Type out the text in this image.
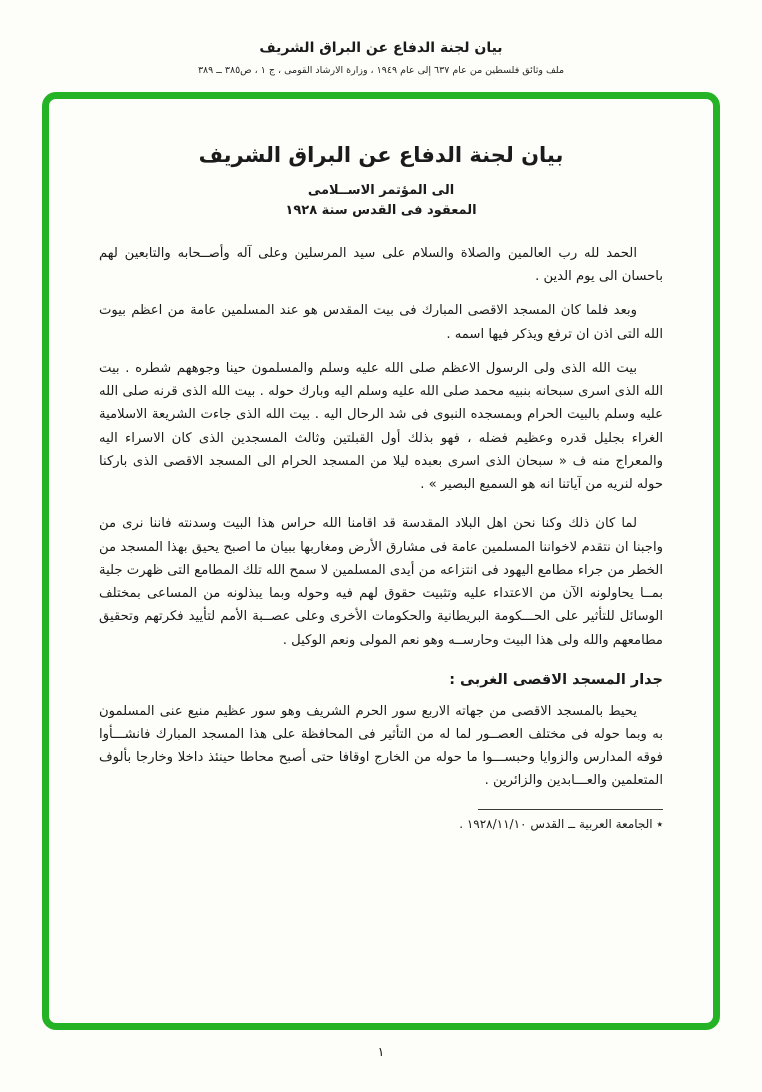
بيان لجنة الدفاع عن البراق الشريف
ملف وثائق فلسطين من عام ٦٣٧ إلى عام ١٩٤٩ ، وزارة الارشاد القومى ، ج ١ ، ص٣٨٥ ــ ٣٨٩
بيان لجنة الدفاع عن البراق الشريف
الى المؤتمر الاســلامى
المعقود فى القدس سنة ١٩٢٨

الحمد لله رب العالمين والصلاة والسلام على سيد المرسلين وعلى آله وأصــحابه والتابعين لهم باحسان الى يوم الدين .

وبعد فلما كان المسجد الاقصى المبارك فى بيت المقدس هو عند المسلمين عامة من اعظم بيوت الله التى اذن ان ترفع ويذكر فيها اسمه .

بيت الله الذى ولى الرسول الاعظم صلى الله عليه وسلم والمسلمون حينا وجوههم شطره . بيت الله الذى اسرى سبحانه بنبيه محمد صلى الله عليه وسلم اليه وبارك حوله . بيت الله الذى قرنه صلى الله عليه وسلم بالبيت الحرام وبمسجده النبوى فى شد الرحال اليه . بيت الله الذى جاءت الشريعة الاسلامية الغراء بجليل قدره وعظيم فضله ، فهو بذلك أول القبلتين وثالث المسجدين الذى كان الاسراء اليه والمعراج منه ف « سبحان الذى اسرى بعبده ليلا من المسجد الحرام الى المسجد الاقصى الذى باركنا حوله لنريه من آياتنا انه هو السميع البصير » .

لما كان ذلك وكنا نحن اهل البلاد المقدسة قد اقامنا الله حراس هذا البيت وسدنته فاننا نرى من واجبنا ان نتقدم لاخواننا المسلمين عامة فى مشارق الأرض ومغاربها ببيان ما اصبح يحيق بهذا المسجد من الخطر من جراء مطامع اليهود فى انتزاعه من أيدى المسلمين لا سمح الله تلك المطامع التى ظهرت جلية بمــا يحاولونه الآن من الاعتداء عليه وتثبيت حقوق لهم فيه وحوله وبما يبذلونه من المساعى بمختلف الوسائل للتأثير على الحـــكومة البريطانية والحكومات الأخرى وعلى عصــبة الأمم لتأييد فكرتهم وتحقيق مطامعهم والله ولى هذا البيت وحارســه وهو نعم المولى ونعم الوكيل .

جدار المسجد الاقصى الغربى :

يحيط بالمسجد الاقصى من جهاته الاربع سور الحرم الشريف وهو سور عظيم منيع عنى المسلمون به وبما حوله فى مختلف العصــور لما له من التأثير فى المحافظة على هذا المسجد المبارك فانشـــأوا فوقه المدارس والزوايا وحبســـوا ما حوله من الخارج اوقافا حتى أصبح محاطا حينئذ داخلا وخارجا بألوف المتعلمين والعـــابدين والزائرين .

٭ الجامعة العربية ــ القدس ١٩٢٨/١١/١٠ .

١
